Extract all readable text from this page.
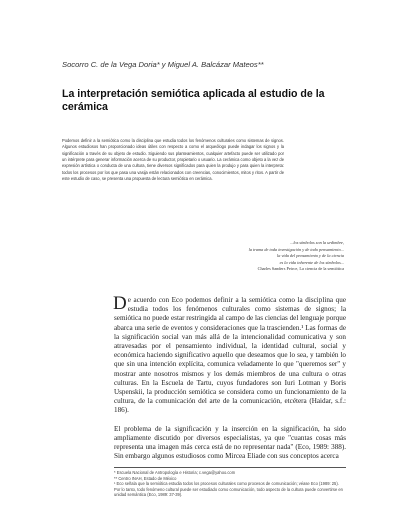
Socorro C. de la Vega Doria* y Miguel A. Balcázar Mateos**
La interpretación semiótica aplicada al estudio de la cerámica
Podemos definir a la semiótica como la disciplina que estudia todos los fenómenos culturales como sistemas de signos. Algunos estudiosos han proporcionado ideas útiles con respecto a como el arqueólogo puede indagar los signos y la significación a través de su objeto de estudio. Siguiendo sus planteamientos, cualquier artefacto puede ser utilizado por un intérprete para generar información acerca de su productor, propietario o usuario. La cerámica como objeto a la vez de expresión artística o conducta de una cultura, tiene diversos significados para quien la produjo y para quien la interpreta: todos los procesos por los que pasa una vasija están relacionados con creencias, conocimientos, mitos y ritos. A partir de este estudio de caso, se presenta una propuesta de lectura semiótica en cerámica.
...los símbolos son la urdimbre,
la trama de toda investigación y de todo pensamiento...
la vida del pensamiento y de la ciencia
es la vida inherente de los símbolos...
Charles Sanders Peirce, La ciencia de la semiótica

De acuerdo con Eco podemos definir a la semiótica como la disciplina que estudia todos los fenómenos culturales como sistemas de signos; la semiótica no puede estar restringida al campo de las ciencias del lenguaje porque abarca una serie de eventos y consideraciones que la trascienden.¹ Las formas de la significación social van más allá de la intencionalidad comunicativa y son atravesadas por el pensamiento individual, la identidad cultural, social y económica haciendo significativo aquello que deseamos que lo sea, y también lo que sin una intención explícita, comunica veladamente lo que "queremos ser" y mostrar ante nosotros mismos y los demás miembros de una cultura o otras culturas. En la Escuela de Tartu, cuyos fundadores son Iuri Lotman y Boris Uspenskii, la producción semiótica se considera como un funcionamiento de la cultura, de la comunicación del arte de la comunicación, etcétera (Haidar, s.f.: 186).

El problema de la significación y la inserción en la significación, ha sido ampliamente discutido por diversos especialistas, ya que "cuantas cosas más representa una imagen más cerca está de no representar nada" (Eco, 1989: 388). Sin embargo algunos estudiosos como Mircea Eliade con sus conceptos acerca

* Escuela Nacional de Antropología e Historia; c.vega@yahoo.com
** Centro INAH, Estado de México
¹ Eco señala que la semiótica estudia todos los procesos culturales como procesos de comunicación; véase Eco (1989: 25). Por lo tanto, todo fenómeno cultural puede ser estudiado como comunicación, todo aspecto de la cultura puede convertirse en unidad semántica (Eco, 1989: 37-39).
